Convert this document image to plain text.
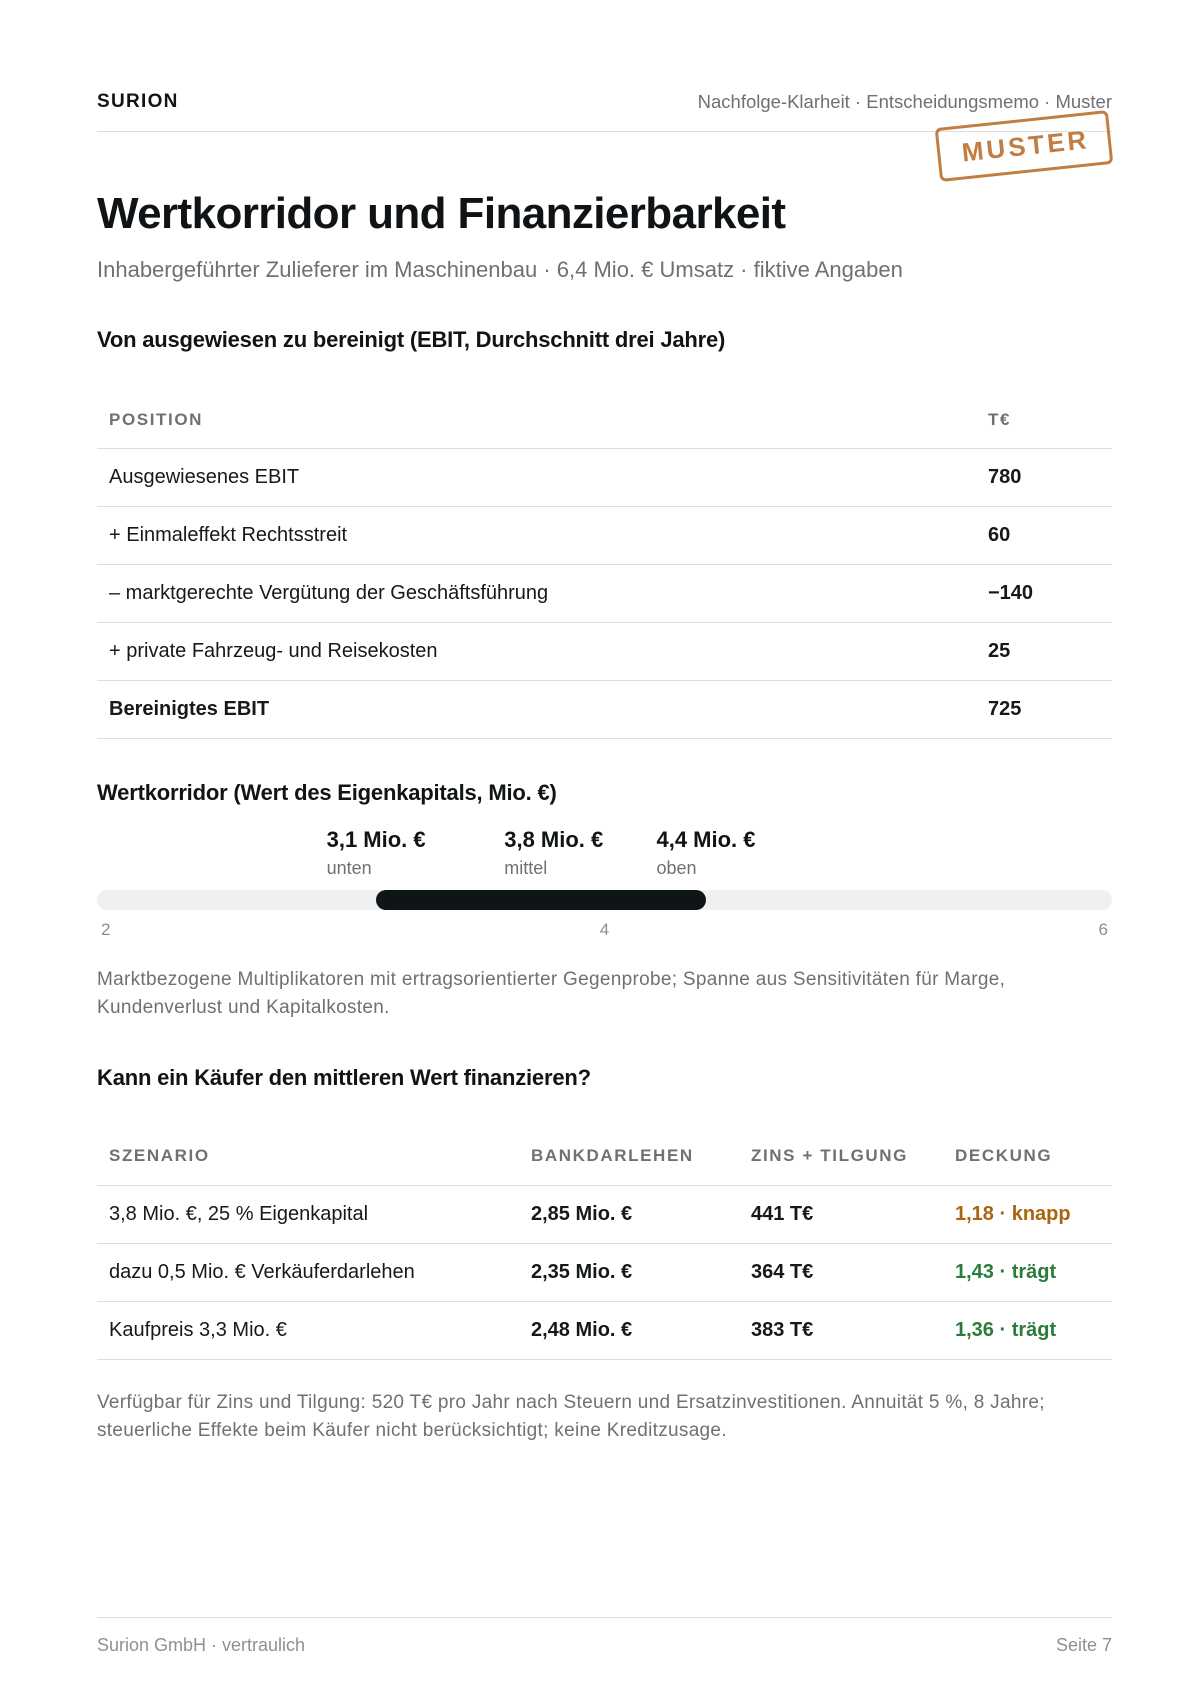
SURION	Nachfolge-Klarheit · Entscheidungsmemo · Muster
MUSTER
Wertkorridor und Finanzierbarkeit
Inhabergeführter Zulieferer im Maschinenbau · 6,4 Mio. € Umsatz · fiktive Angaben
Von ausgewiesen zu bereinigt (EBIT, Durchschnitt drei Jahre)
POSITION	T€
Ausgewiesenes EBIT	780
+ Einmaleffekt Rechtsstreit	60
– marktgerechte Vergütung der Geschäftsführung	−140
+ private Fahrzeug- und Reisekosten	25
Bereinigtes EBIT	725
Wertkorridor (Wert des Eigenkapitals, Mio. €)
3,1 Mio. €
unten
3,8 Mio. €
mittel
4,4 Mio. €
oben
2	4	6

Marktbezogene Multiplikatoren mit ertragsorientierter Gegenprobe; Spanne aus Sensitivitäten für Marge, Kundenverlust und Kapitalkosten.

Kann ein Käufer den mittleren Wert finanzieren?
SZENARIO	BANKDARLEHEN	ZINS + TILGUNG	DECKUNG
3,8 Mio. €, 25 % Eigenkapital	2,85 Mio. €	441 T€	1,18 · knapp
dazu 0,5 Mio. € Verkäuferdarlehen	2,35 Mio. €	364 T€	1,43 · trägt
Kaufpreis 3,3 Mio. €	2,48 Mio. €	383 T€	1,36 · trägt

Verfügbar für Zins und Tilgung: 520 T€ pro Jahr nach Steuern und Ersatzinvestitionen. Annuität 5 %, 8 Jahre; steuerliche Effekte beim Käufer nicht berücksichtigt; keine Kreditzusage.

Surion GmbH · vertraulich	Seite 7
